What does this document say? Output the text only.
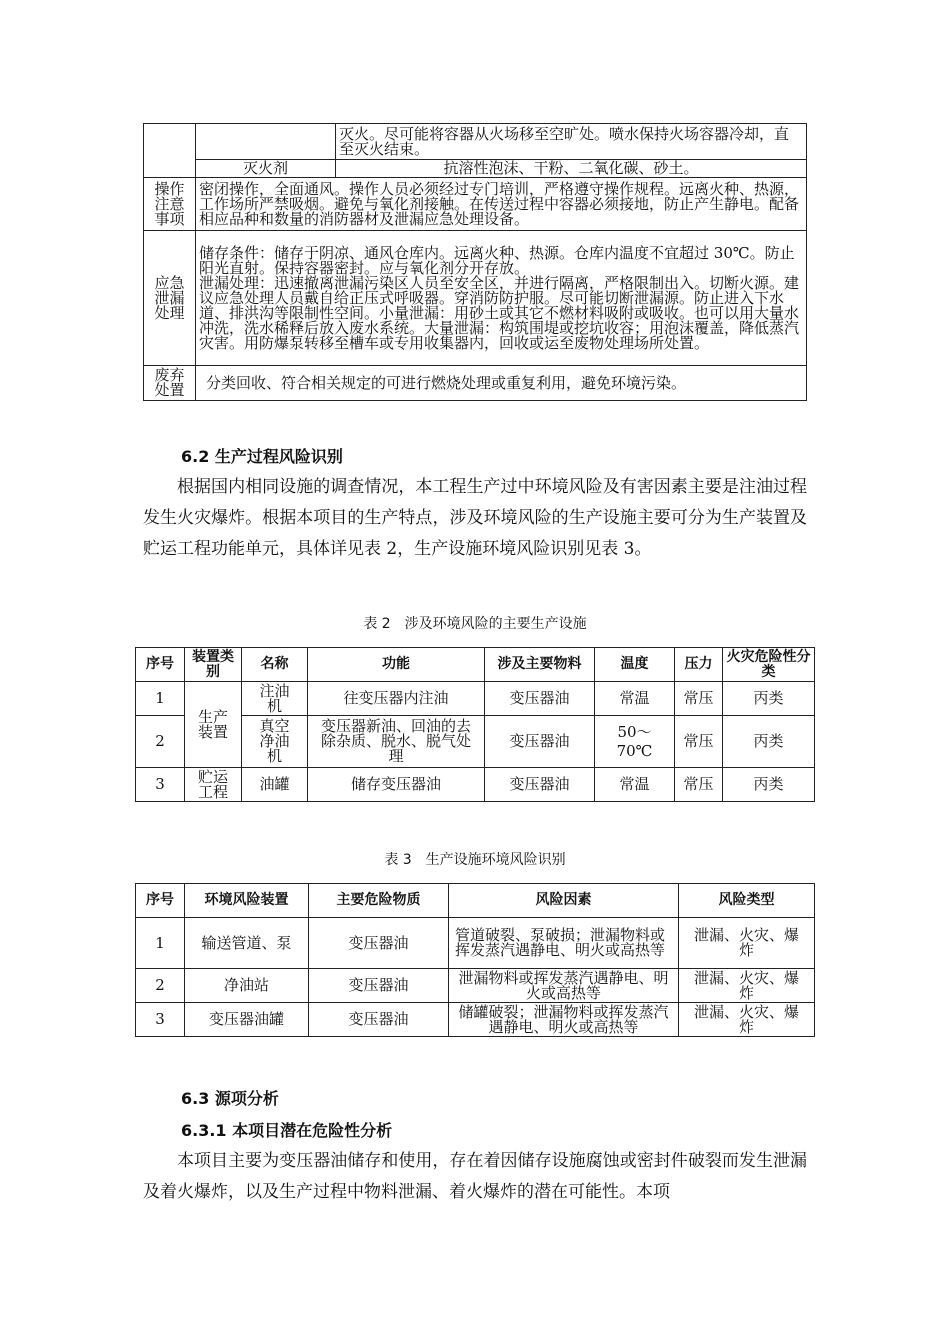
		灭火。尽可能将容器从火场移至空旷处。喷水保持火场容器冷却，直至灭火结束。
	灭火剂	抗溶性泡沫、干粉、二氧化碳、砂土。
操作注意事项	密闭操作，全面通风。操作人员必须经过专门培训，严格遵守操作规程。远离火种、热源，工作场所严禁吸烟。避免与氧化剂接触。在传送过程中容器必须接地，防止产生静电。配备相应品种和数量的消防器材及泄漏应急处理设备。	
应急泄漏处理	储存条件：储存于阴凉、通风仓库内。远离火种、热源。仓库内温度不宜超过 30℃。防止阳光直射。保持容器密封。应与氧化剂分开存放。
泄漏处理：迅速撤离泄漏污染区人员至安全区，并进行隔离，严格限制出入。切断火源。建议应急处理人员戴自给正压式呼吸器。穿消防防护服。尽可能切断泄漏源。防止进入下水道、排洪沟等限制性空间。小量泄漏：用砂土或其它不燃材料吸附或吸收。也可以用大量水冲洗，洗水稀释后放入废水系统。大量泄漏：构筑围堤或挖坑收容；用泡沫覆盖，降低蒸汽灾害。用防爆泵转移至槽车或专用收集器内，回收或运至废物处理场所处置。	

废弃处置	分类回收、符合相关规定的可进行燃烧处理或重复利用，避免环境污染。	
6.2 生产过程风险识别

根据国内相同设施的调查情况，本工程生产过中环境风险及有害因素主要是注油过程发生火灾爆炸。根据本项目的生产特点，涉及环境风险的生产设施主要可分为生产装置及贮运工程功能单元，具体详见表 2，生产设施环境风险识别见表 3。

表 2　涉及环境风险的主要生产设施
序号	装置类别	名称	功能	涉及主要物料	温度	压力	火灾危险性分类
1	生产装置	注油机	往变压器内注油	变压器油	常温	常压	丙类
2		真空净油机	变压器新油、回油的去除杂质、脱水、脱气处理	变压器油	50～70℃	常压	丙类
3	贮运工程	油罐	储存变压器油	变压器油	常温	常压	丙类
表 3　生产设施环境风险识别
序号	环境风险装置	主要危险物质	风险因素	风险类型
1	输送管道、泵	变压器油	管道破裂、泵破损；泄漏物料或挥发蒸汽遇静电、明火或高热等	泄漏、火灾、爆炸
2	净油站	变压器油	泄漏物料或挥发蒸汽遇静电、明火或高热等	泄漏、火灾、爆炸
3	变压器油罐	变压器油	储罐破裂；泄漏物料或挥发蒸汽遇静电、明火或高热等	泄漏、火灾、爆炸
6.3 源项分析
6.3.1 本项目潜在危险性分析

本项目主要为变压器油储存和使用，存在着因储存设施腐蚀或密封件破裂而发生泄漏及着火爆炸，以及生产过程中物料泄漏、着火爆炸的潜在可能性。本项
